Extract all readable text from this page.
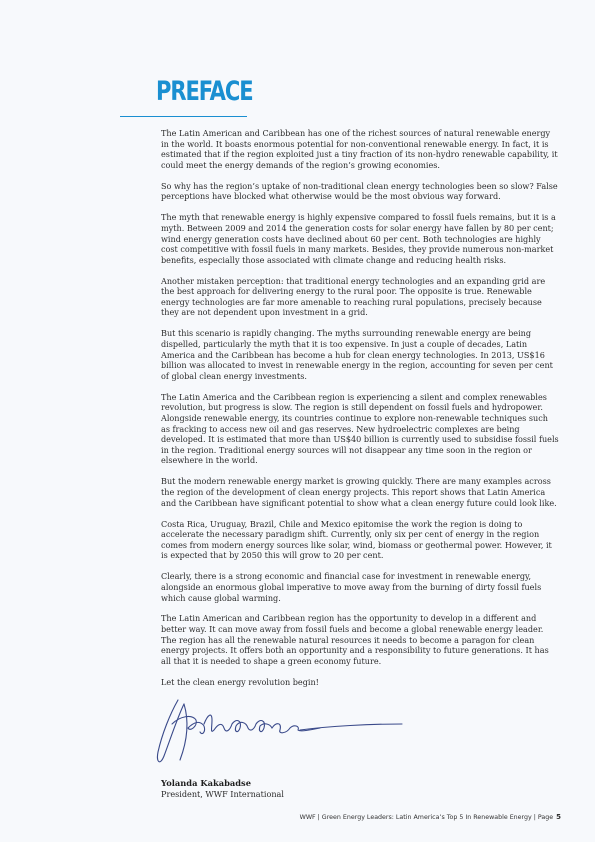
PREFACE

The Latin American and Caribbean has one of the richest sources of natural renewable energy in the world. It boasts enormous potential for non-conventional renewable energy. In fact, it is estimated that if the region exploited just a tiny fraction of its non-hydro renewable capability, it could meet the energy demands of the region’s growing economies.

So why has the region’s uptake of non-traditional clean energy technologies been so slow? False perceptions have blocked what otherwise would be the most obvious way forward.

The myth that renewable energy is highly expensive compared to fossil fuels remains, but it is a myth. Between 2009 and 2014 the generation costs for solar energy have fallen by 80 per cent; wind energy generation costs have declined about 60 per cent. Both technologies are highly cost competitive with fossil fuels in many markets. Besides, they provide numerous non-market benefits, especially those associated with climate change and reducing health risks.

Another mistaken perception: that traditional energy technologies and an expanding grid are the best approach for delivering energy to the rural poor. The opposite is true. Renewable energy technologies are far more amenable to reaching rural populations, precisely because they are not dependent upon investment in a grid.

But this scenario is rapidly changing. The myths surrounding renewable energy are being dispelled, particularly the myth that it is too expensive. In just a couple of decades, Latin America and the Caribbean has become a hub for clean energy technologies. In 2013, US$16 billion was allocated to invest in renewable energy in the region, accounting for seven per cent of global clean energy investments.

The Latin America and the Caribbean region is experiencing a silent and complex renewables revolution, but progress is slow. The region is still dependent on fossil fuels and hydropower. Alongside renewable energy, its countries continue to explore non-renewable techniques such as fracking to access new oil and gas reserves. New hydroelectric complexes are being developed. It is estimated that more than US$40 billion is currently used to subsidise fossil fuels in the region. Traditional energy sources will not disappear any time soon in the region or elsewhere in the world.

But the modern renewable energy market is growing quickly. There are many examples across the region of the development of clean energy projects. This report shows that Latin America and the Caribbean have significant potential to show what a clean energy future could look like.

Costa Rica, Uruguay, Brazil, Chile and Mexico epitomise the work the region is doing to accelerate the necessary paradigm shift. Currently, only six per cent of energy in the region comes from modern energy sources like solar, wind, biomass or geothermal power. However, it is expected that by 2050 this will grow to 20 per cent.

Clearly, there is a strong economic and financial case for investment in renewable energy, alongside an enormous global imperative to move away from the burning of dirty fossil fuels which cause global warming.

The Latin American and Caribbean region has the opportunity to develop in a different and better way. It can move away from fossil fuels and become a global renewable energy leader. The region has all the renewable natural resources it needs to become a paragon for clean energy projects. It offers both an opportunity and a responsibility to future generations. It has all that it is needed to shape a green economy future.

Let the clean energy revolution begin!

Yolanda Kakabadse
President, WWF International
WWF | Green Energy Leaders: Latin America’s Top 5 In Renewable Energy | Page 5
